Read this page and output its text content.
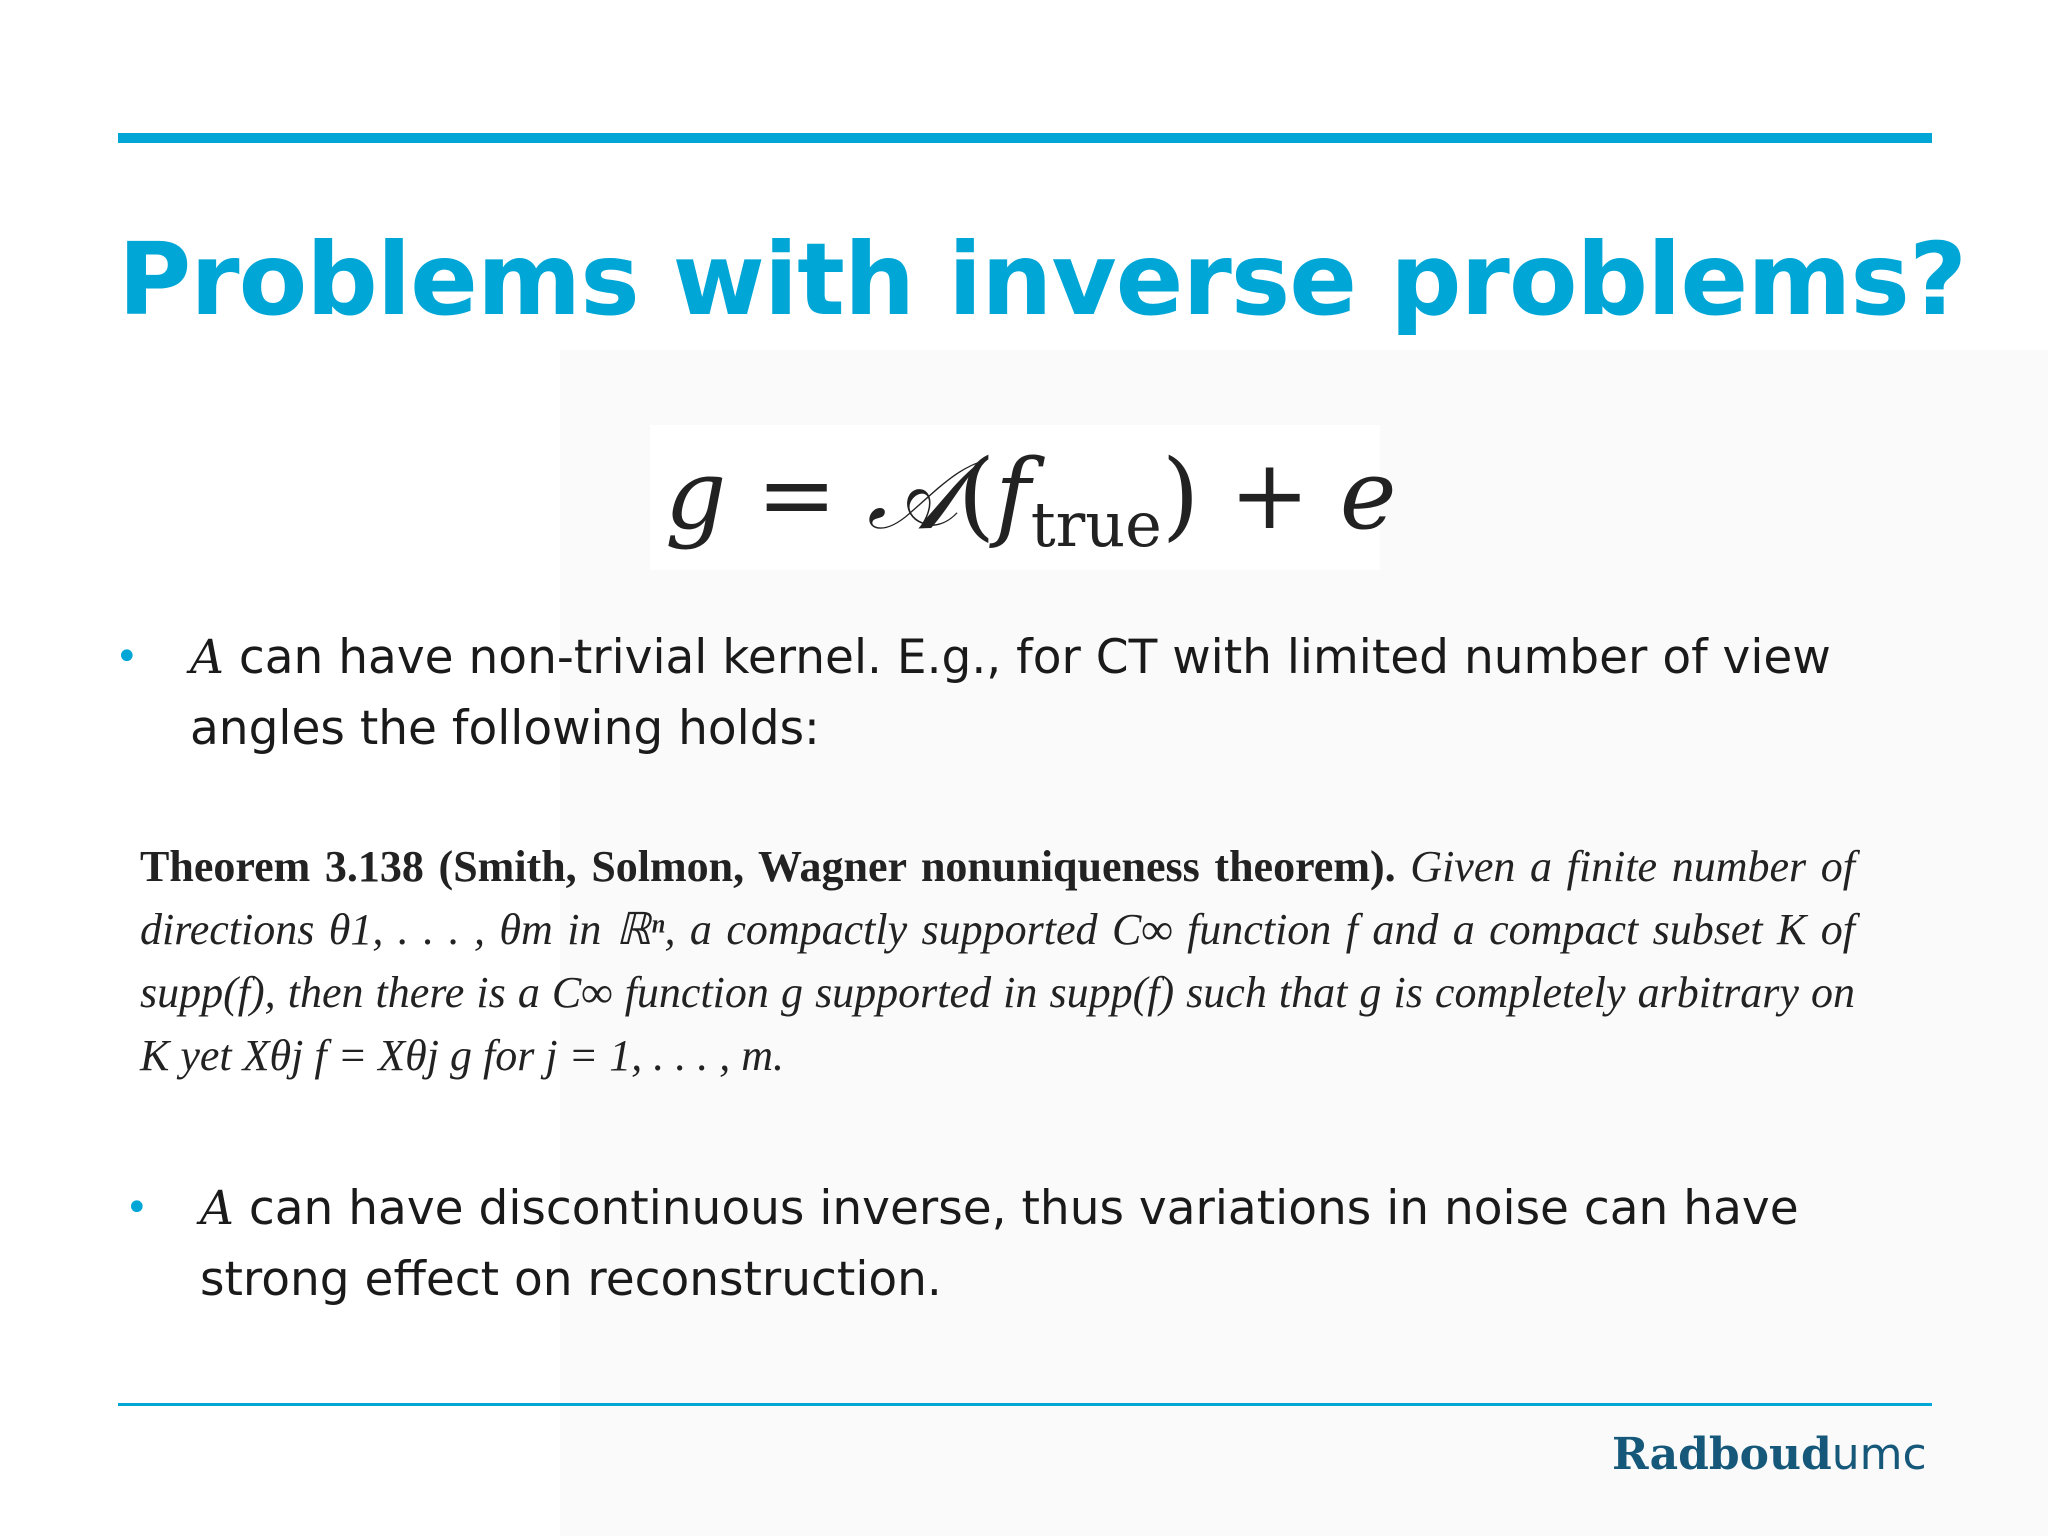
Problems with inverse problems?
$g = 𝒜(f_{true}) + e$
• A can have non-trivial kernel. E.g., for CT with limited number of view angles the following holds:
Theorem 3.138 (Smith, Solmon, Wagner nonuniqueness theorem). Given a finite number of directions θ1, . . . , θm in ℝⁿ, a compactly supported C∞ function f and a compact subset K of supp(f), then there is a C∞ function g supported in supp(f) such that g is completely arbitrary on K yet Xθj f = Xθj g for j = 1, . . . , m.
• A can have discontinuous inverse, thus variations in noise can have strong effect on reconstruction.
Radboudumc
